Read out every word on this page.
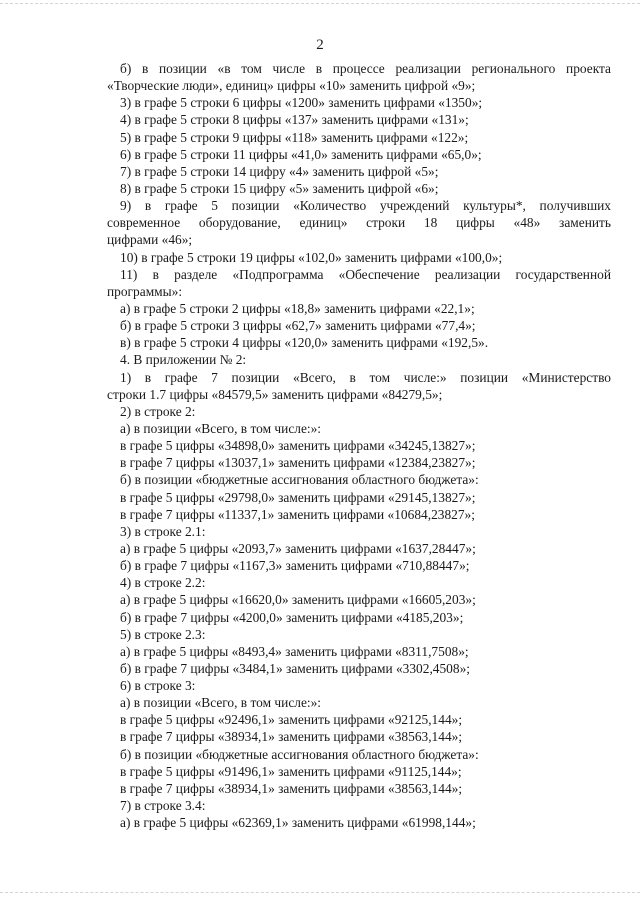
2
б) в позиции «в том числе в процессе реализации регионального проекта
«Творческие люди», единиц» цифры «10» заменить цифрой «9»;
3) в графе 5 строки 6 цифры «1200» заменить цифрами «1350»;
4) в графе 5 строки 8 цифры «137» заменить цифрами «131»;
5) в графе 5 строки 9 цифры «118» заменить цифрами «122»;
6) в графе 5 строки 11 цифры «41,0» заменить цифрами «65,0»;
7) в графе 5 строки 14 цифру «4» заменить цифрой «5»;
8) в графе 5 строки 15 цифру «5» заменить цифрой «6»;
9) в графе 5 позиции «Количество учреждений культуры*, получивших
современное оборудование, единиц» строки 18 цифры «48» заменить
цифрами «46»;
10) в графе 5 строки 19 цифры «102,0» заменить цифрами «100,0»;
11) в разделе «Подпрограмма «Обеспечение реализации государственной
программы»:
а) в графе 5 строки 2 цифры «18,8» заменить цифрами «22,1»;
б) в графе 5 строки 3 цифры «62,7» заменить цифрами «77,4»;
в) в графе 5 строки 4 цифры «120,0» заменить цифрами «192,5».
4. В приложении № 2:
1) в графе 7 позиции «Всего, в том числе:» позиции «Министерство
строки 1.7 цифры «84579,5» заменить цифрами «84279,5»;
2) в строке 2:
а) в позиции «Всего, в том числе:»:
в графе 5 цифры «34898,0» заменить цифрами «34245,13827»;
в графе 7 цифры «13037,1» заменить цифрами «12384,23827»;
б) в позиции «бюджетные ассигнования областного бюджета»:
в графе 5 цифры «29798,0» заменить цифрами «29145,13827»;
в графе 7 цифры «11337,1» заменить цифрами «10684,23827»;
3) в строке 2.1:
а) в графе 5 цифры «2093,7» заменить цифрами «1637,28447»;
б) в графе 7 цифры «1167,3» заменить цифрами «710,88447»;
4) в строке 2.2:
а) в графе 5 цифры «16620,0» заменить цифрами «16605,203»;
б) в графе 7 цифры «4200,0» заменить цифрами «4185,203»;
5) в строке 2.3:
а) в графе 5 цифры «8493,4» заменить цифрами «8311,7508»;
б) в графе 7 цифры «3484,1» заменить цифрами «3302,4508»;
6) в строке 3:
а) в позиции «Всего, в том числе:»:
в графе 5 цифры «92496,1» заменить цифрами «92125,144»;
в графе 7 цифры «38934,1» заменить цифрами «38563,144»;
б) в позиции «бюджетные ассигнования областного бюджета»:
в графе 5 цифры «91496,1» заменить цифрами «91125,144»;
в графе 7 цифры «38934,1» заменить цифрами «38563,144»;
7) в строке 3.4:
а) в графе 5 цифры «62369,1» заменить цифрами «61998,144»;
